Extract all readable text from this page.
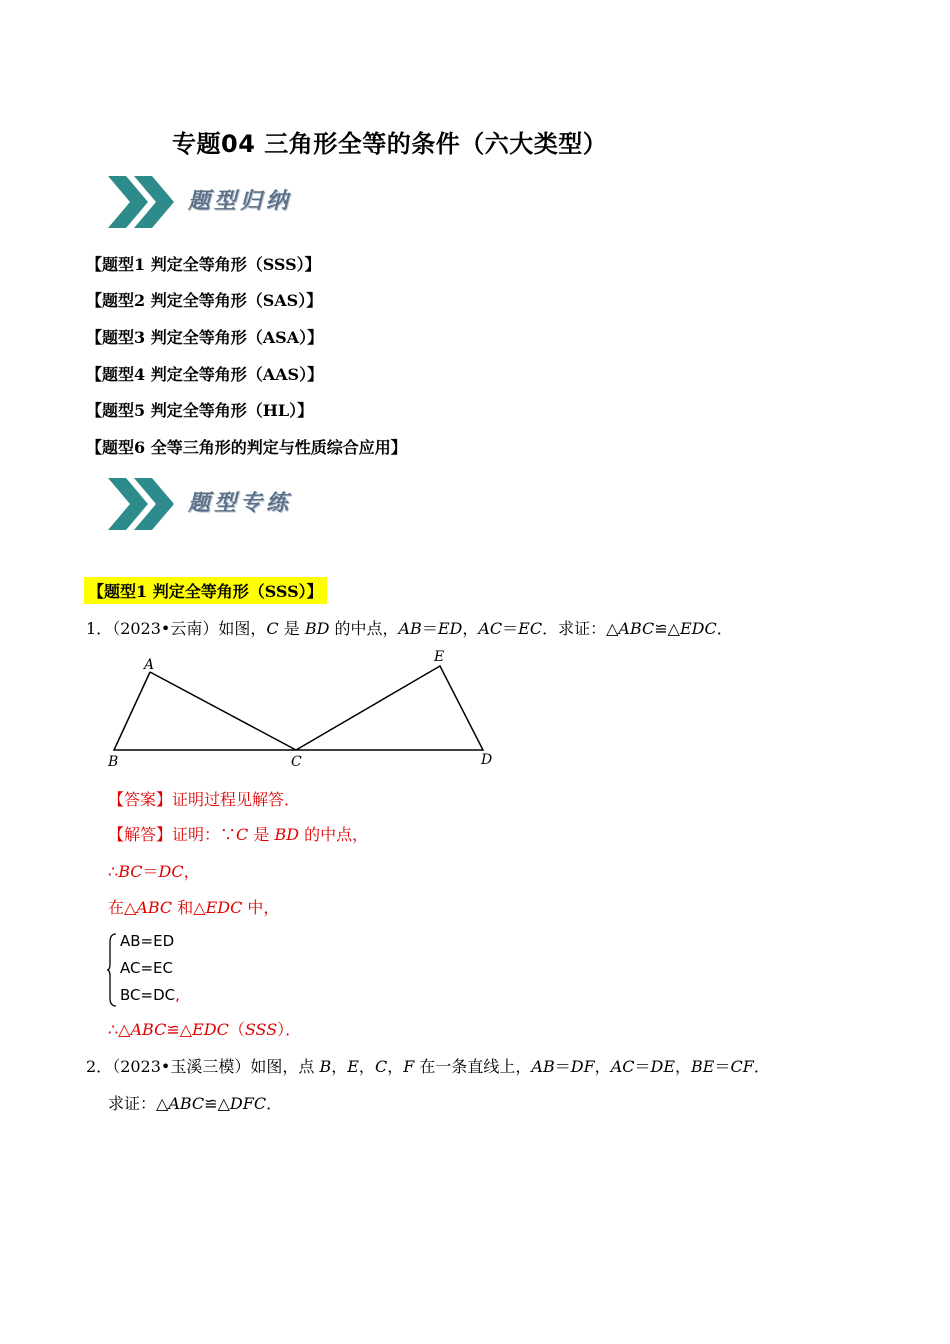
专题04 三角形全等的条件（六大类型）
题型归纳
【题型1 判定全等角形（SSS）】
【题型2 判定全等角形（SAS）】
【题型3 判定全等角形（ASA）】
【题型4 判定全等角形（AAS）】
【题型5 判定全等角形（HL）】
【题型6 全等三角形的判定与性质综合应用】
题型专练
【题型1 判定全等角形（SSS）】
1．（2023•云南）如图，C 是 BD 的中点，AB＝ED，AC＝EC．求证：△ABC≌△EDC．
A
B	C	D
E
【答案】证明过程见解答．
【解答】证明：∵C 是 BD 的中点，
∴BC＝DC，
在△ABC 和△EDC 中，
AB=ED
AC=EC
BC=DC,
∴△ABC≌△EDC（SSS）．
2．（2023•玉溪三模）如图，点 B，E，C，F 在一条直线上，AB＝DF，AC＝DE，BE＝CF．
求证：△ABC≌△DFC．
